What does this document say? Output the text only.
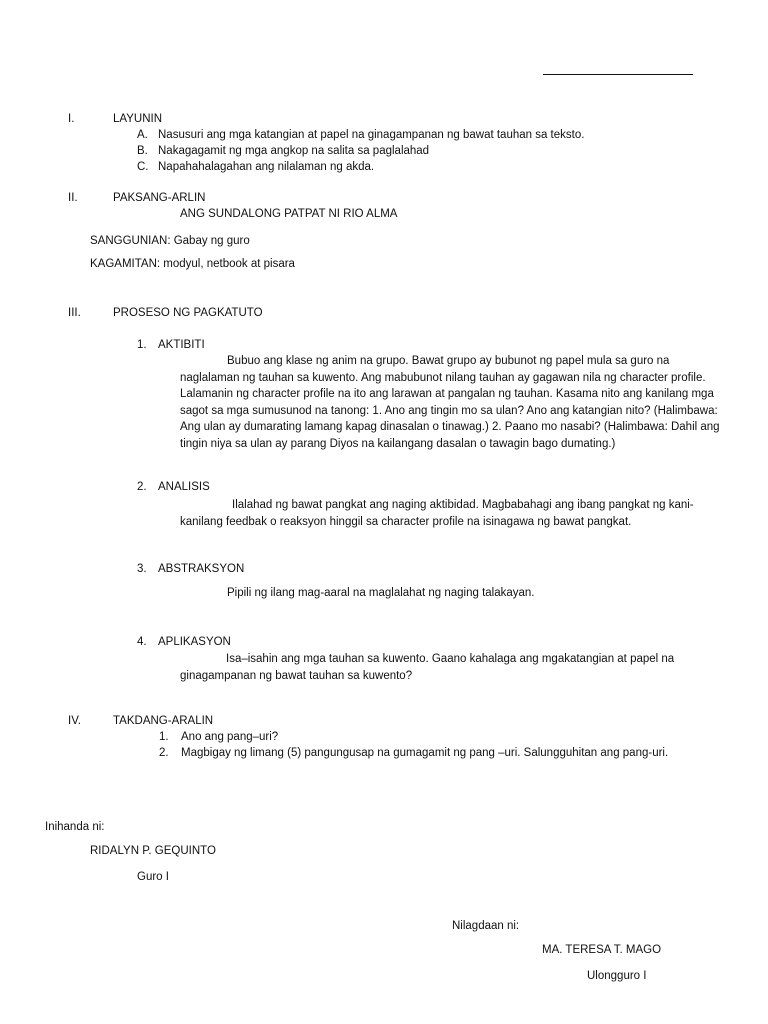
I.	LAYUNIN
A. Nasusuri ang mga katangian at papel na ginagampanan ng bawat tauhan sa teksto.
B. Nakagagamit ng mga angkop na salita sa paglalahad
C. Napahahalagahan ang nilalaman ng akda.
II.	PAKSANG-ARLIN
ANG SUNDALONG PATPAT NI RIO ALMA
SANGGUNIAN: Gabay ng guro
KAGAMITAN: modyul, netbook at pisara
III.	PROSESO NG PAGKATUTO
1. AKTIBITI
Bubuo ang klase ng anim na grupo. Bawat grupo ay bubunot ng papel mula sa guro na naglalaman ng tauhan sa kuwento. Ang mabubunot nilang tauhan ay gagawan nila ng character profile. Lalamanin ng character profile na ito ang larawan at pangalan ng tauhan. Kasama nito ang kanilang mga sagot sa mga sumusunod na tanong: 1. Ano ang tingin mo sa ulan? Ano ang katangian nito? (Halimbawa: Ang ulan ay dumarating lamang kapag dinasalan o tinawag.) 2. Paano mo nasabi? (Halimbawa: Dahil ang tingin niya sa ulan ay parang Diyos na kailangang dasalan o tawagin bago dumating.)
2. ANALISIS
Ilalahad ng bawat pangkat ang naging aktibidad. Magbabahagi ang ibang pangkat ng kani-kanilang feedbak o reaksyon hinggil sa character profile na isinagawa ng bawat pangkat.
3. ABSTRAKSYON
Pipili ng ilang mag-aaral na maglalahat ng naging talakayan.
4. APLIKASYON
Isa–isahin ang mga tauhan sa kuwento. Gaano kahalaga ang mgakatangian at papel na ginagampanan ng bawat tauhan sa kuwento?
IV.	TAKDANG-ARALIN
1. Ano ang pang–uri?
2. Magbigay ng limang (5) pangungusap na gumagamit ng pang –uri. Salungguhitan ang pang-uri.
Inihanda ni:
RIDALYN P. GEQUINTO
Guro I
Nilagdaan ni:
MA. TERESA T. MAGO
Ulongguro I
